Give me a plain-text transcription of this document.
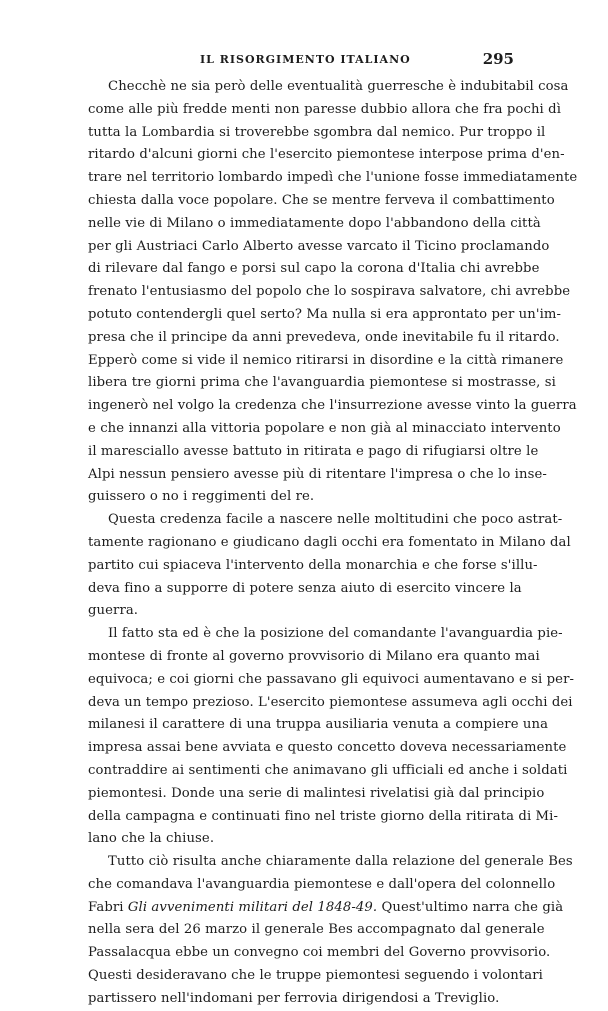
IL RISORGIMENTO ITALIANO	295
Checchè ne sia però delle eventualità guerresche è indubitabil cosa
come alle più fredde menti non paresse dubbio allora che fra pochi dì
tutta la Lombardia si troverebbe sgombra dal nemico. Pur troppo il
ritardo d'alcuni giorni che l'esercito piemontese interpose prima d'en-
trare nel territorio lombardo impedì che l'unione fosse immediatamente
chiesta dalla voce popolare. Che se mentre ferveva il combattimento
nelle vie di Milano o immediatamente dopo l'abbandono della città
per gli Austriaci Carlo Alberto avesse varcato il Ticino proclamando
di rilevare dal fango e porsi sul capo la corona d'Italia chi avrebbe
frenato l'entusiasmo del popolo che lo sospirava salvatore, chi avrebbe
potuto contendergli quel serto? Ma nulla si era approntato per un'im-
presa che il principe da anni prevedeva, onde inevitabile fu il ritardo.
Epperò come si vide il nemico ritirarsi in disordine e la città rimanere
libera tre giorni prima che l'avanguardia piemontese si mostrasse, si
ingenerò nel volgo la credenza che l'insurrezione avesse vinto la guerra
e che innanzi alla vittoria popolare e non già al minacciato intervento
il maresciallo avesse battuto in ritirata e pago di rifugiarsi oltre le
Alpi nessun pensiero avesse più di ritentare l'impresa o che lo inse-
guissero o no i reggimenti del re.
Questa credenza facile a nascere nelle moltitudini che poco astrat-
tamente ragionano e giudicano dagli occhi era fomentato in Milano dal
partito cui spiaceva l'intervento della monarchia e che forse s'illu-
deva fino a supporre di potere senza aiuto di esercito vincere la
guerra.
Il fatto sta ed è che la posizione del comandante l'avanguardia pie-
montese di fronte al governo provvisorio di Milano era quanto mai
equivoca; e coi giorni che passavano gli equivoci aumentavano e si per-
deva un tempo prezioso. L'esercito piemontese assumeva agli occhi dei
milanesi il carattere di una truppa ausiliaria venuta a compiere una
impresa assai bene avviata e questo concetto doveva necessariamente
contraddire ai sentimenti che animavano gli ufficiali ed anche i soldati
piemontesi. Donde una serie di malintesi rivelatisi già dal principio
della campagna e continuati fino nel triste giorno della ritirata di Mi-
lano che la chiuse.
Tutto ciò risulta anche chiaramente dalla relazione del generale Bes
che comandava l'avanguardia piemontese e dall'opera del colonnello
Fabri Gli avvenimenti militari del 1848-49. Quest'ultimo narra che già
nella sera del 26 marzo il generale Bes accompagnato dal generale
Passalacqua ebbe un convegno coi membri del Governo provvisorio.
Questi desideravano che le truppe piemontesi seguendo i volontari
partissero nell'indomani per ferrovia dirigendosi a Treviglio.
